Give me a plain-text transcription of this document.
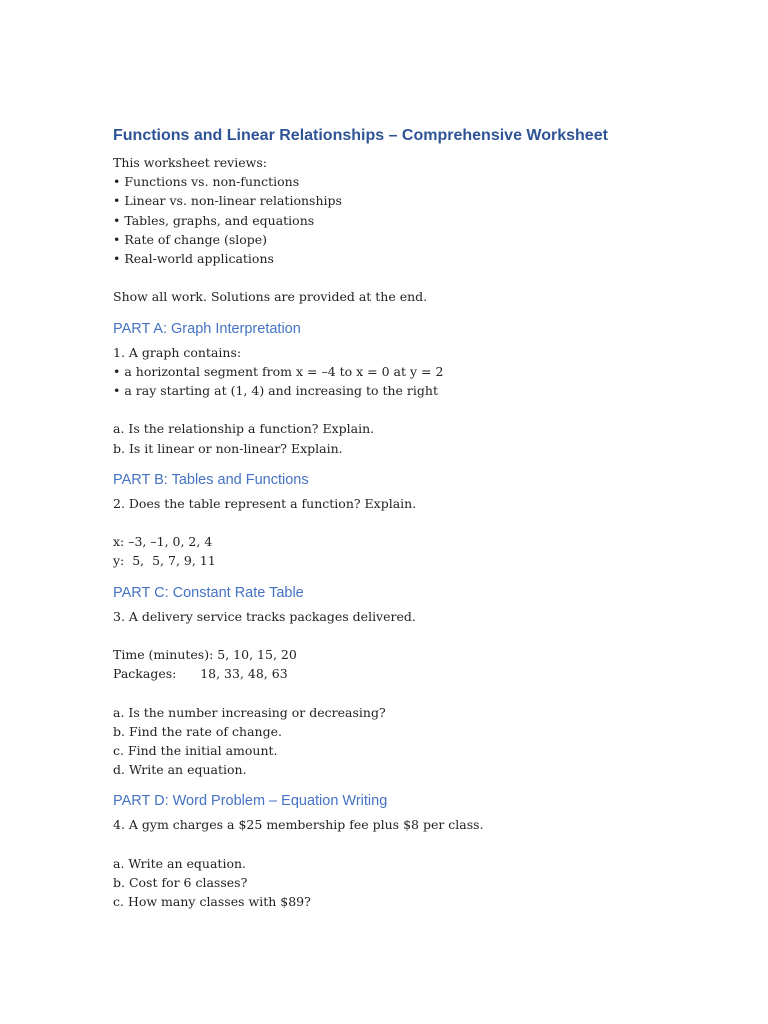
Functions and Linear Relationships – Comprehensive Worksheet

This worksheet reviews:

• Functions vs. non-functions

• Linear vs. non-linear relationships

• Tables, graphs, and equations

• Rate of change (slope)

• Real-world applications

Show all work. Solutions are provided at the end.

PART A: Graph Interpretation

1. A graph contains:

• a horizontal segment from x = –4 to x = 0 at y = 2

• a ray starting at (1, 4) and increasing to the right

a. Is the relationship a function? Explain.

b. Is it linear or non-linear? Explain.

PART B: Tables and Functions

2. Does the table represent a function? Explain.

x: –3, –1, 0, 2, 4

y:  5,  5, 7, 9, 11

PART C: Constant Rate Table

3. A delivery service tracks packages delivered.

Time (minutes): 5, 10, 15, 20

Packages:      18, 33, 48, 63

a. Is the number increasing or decreasing?

b. Find the rate of change.

c. Find the initial amount.

d. Write an equation.

PART D: Word Problem – Equation Writing

4. A gym charges a $25 membership fee plus $8 per class.

a. Write an equation.

b. Cost for 6 classes?

c. How many classes with $89?
